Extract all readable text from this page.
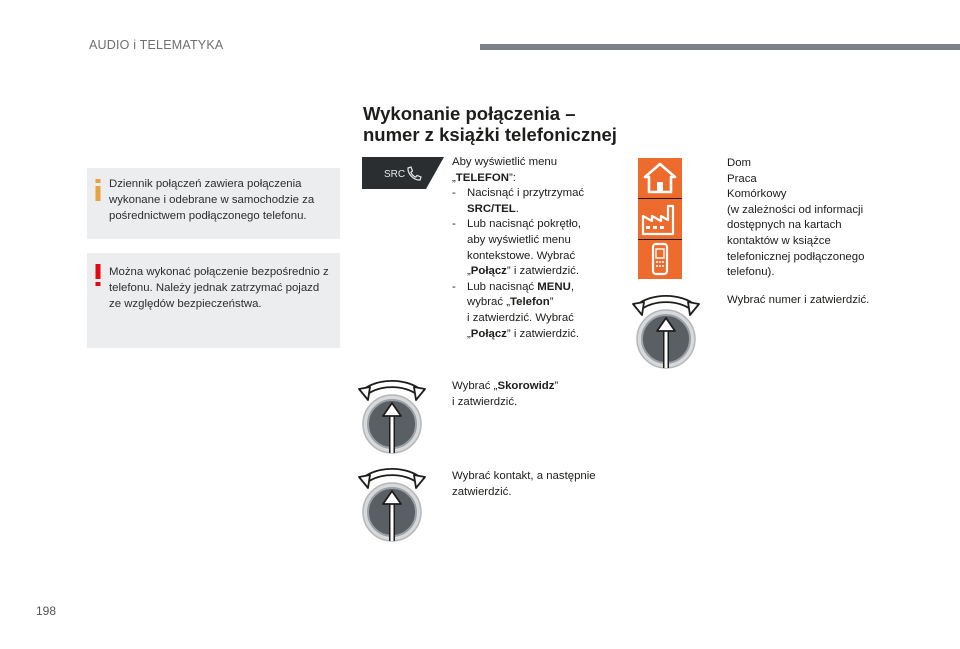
AUDIO i TELEMATYKA
Dziennik połączeń zawiera połączenia wykonane i odebrane w samochodzie za pośrednictwem podłączonego telefonu.
Można wykonać połączenie bezpośrednio z telefonu. Należy jednak zatrzymać pojazd ze względów bezpieczeństwa.
Wykonanie połączenia –
numer z książki telefonicznej
SRC
Aby wyświetlić menu
„TELEFON”:
- Nacisnąć i przytrzymać
SRC/TEL.
- Lub nacisnąć pokrętło,
aby wyświetlić menu
kontekstowe. Wybrać
„Połącz” i zatwierdzić.
- Lub nacisnąć MENU,
wybrać „Telefon”
i zatwierdzić. Wybrać
„Połącz” i zatwierdzić.
Wybrać „Skorowidz”
i zatwierdzić.
Wybrać kontakt, a następnie
zatwierdzić.
Dom
Praca
Komórkowy
(w zależności od informacji
dostępnych na kartach
kontaktów w książce
telefonicznej podłączonego
telefonu).
Wybrać numer i zatwierdzić.
198
